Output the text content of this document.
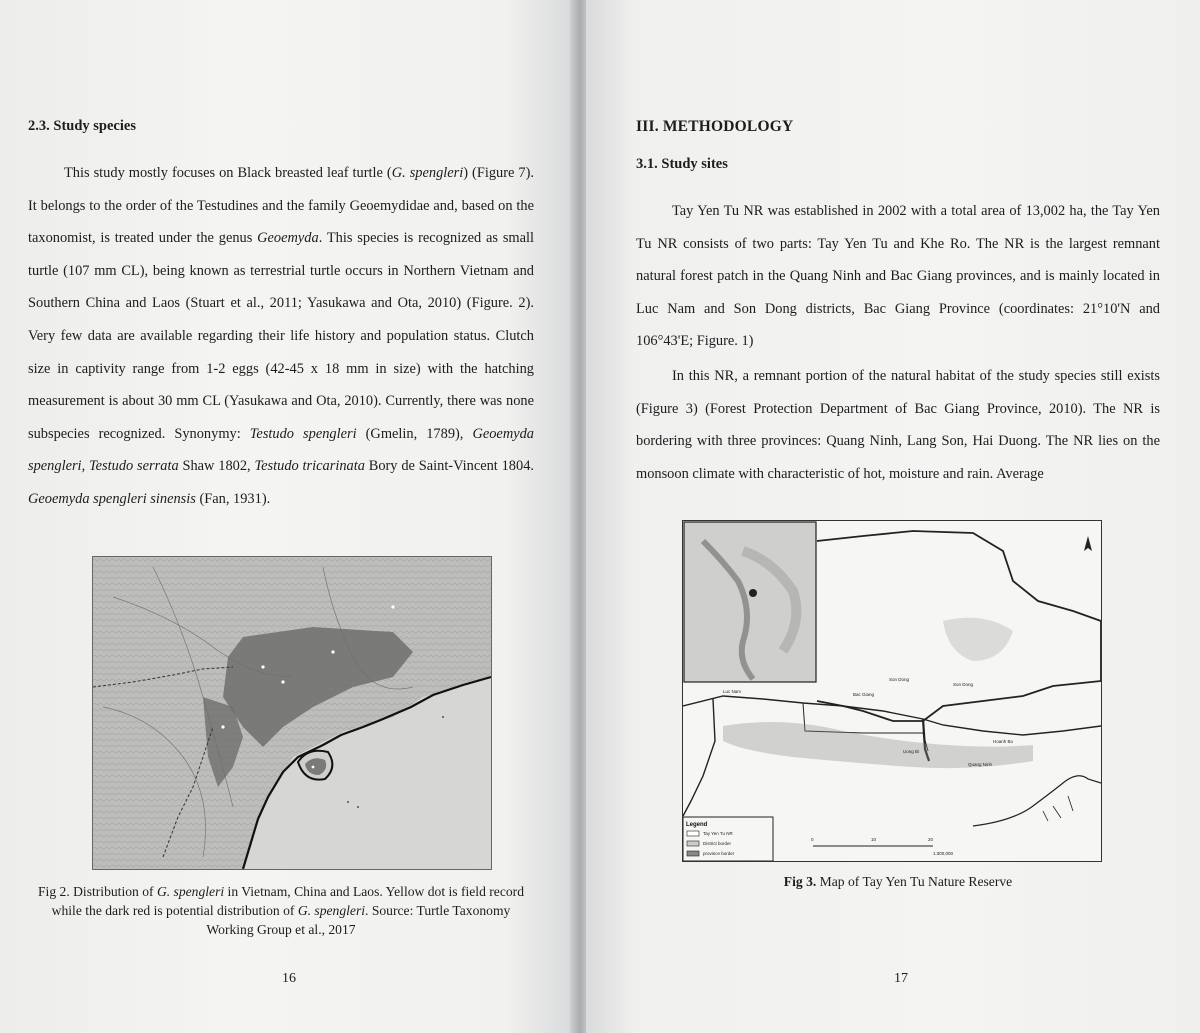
2.3. Study species

This study mostly focuses on Black breasted leaf turtle (G. spengleri) (Figure 7). It belongs to the order of the Testudines and the family Geoemydidae and, based on the taxonomist, is treated under the genus Geoemyda. This species is recognized as small turtle (107 mm CL), being known as terrestrial turtle occurs in Northern Vietnam and Southern China and Laos (Stuart et al., 2011; Yasukawa and Ota, 2010) (Figure. 2). Very few data are available regarding their life history and population status. Clutch size in captivity range from 1-2 eggs (42-45 x 18 mm in size) with the hatching measurement is about 30 mm CL (Yasukawa and Ota, 2010). Currently, there was none subspecies recognized. Synonymy: Testudo spengleri (Gmelin, 1789), Geoemyda spengleri, Testudo serrata Shaw 1802, Testudo tricarinata Bory de Saint-Vincent 1804. Geoemyda spengleri sinensis (Fan, 1931).

Fig 2. Distribution of G. spengleri in Vietnam, China and Laos. Yellow dot is field record while the dark red is potential distribution of G. spengleri. Source: Turtle Taxonomy Working Group et al., 2017
16
III. METHODOLOGY
3.1. Study sites

Tay Yen Tu NR was established in 2002 with a total area of 13,002 ha, the Tay Yen Tu NR consists of two parts: Tay Yen Tu and Khe Ro. The NR is the largest remnant natural forest patch in the Quang Ninh and Bac Giang provinces, and is mainly located in Luc Nam and Son Dong districts, Bac Giang Province (coordinates: 21°10'N and 106°43'E; Figure. 1)

In this NR, a remnant portion of the natural habitat of the study species still exists (Figure 3) (Forest Protection Department of Bac Giang Province, 2010). The NR is bordering with three provinces: Quang Ninh, Lang Son, Hai Duong. The NR lies on the monsoon climate with characteristic of hot, moisture and rain. Average

Luc Nam
Son Dong
Bac Giang
Son Dong
Uong Bi
Quang Ninh
Hoanh Bo
Legend
Tay Yen Tu NR
District border
province border
0	10	20
1:300,000
Fig 3. Map of Tay Yen Tu Nature Reserve
17
